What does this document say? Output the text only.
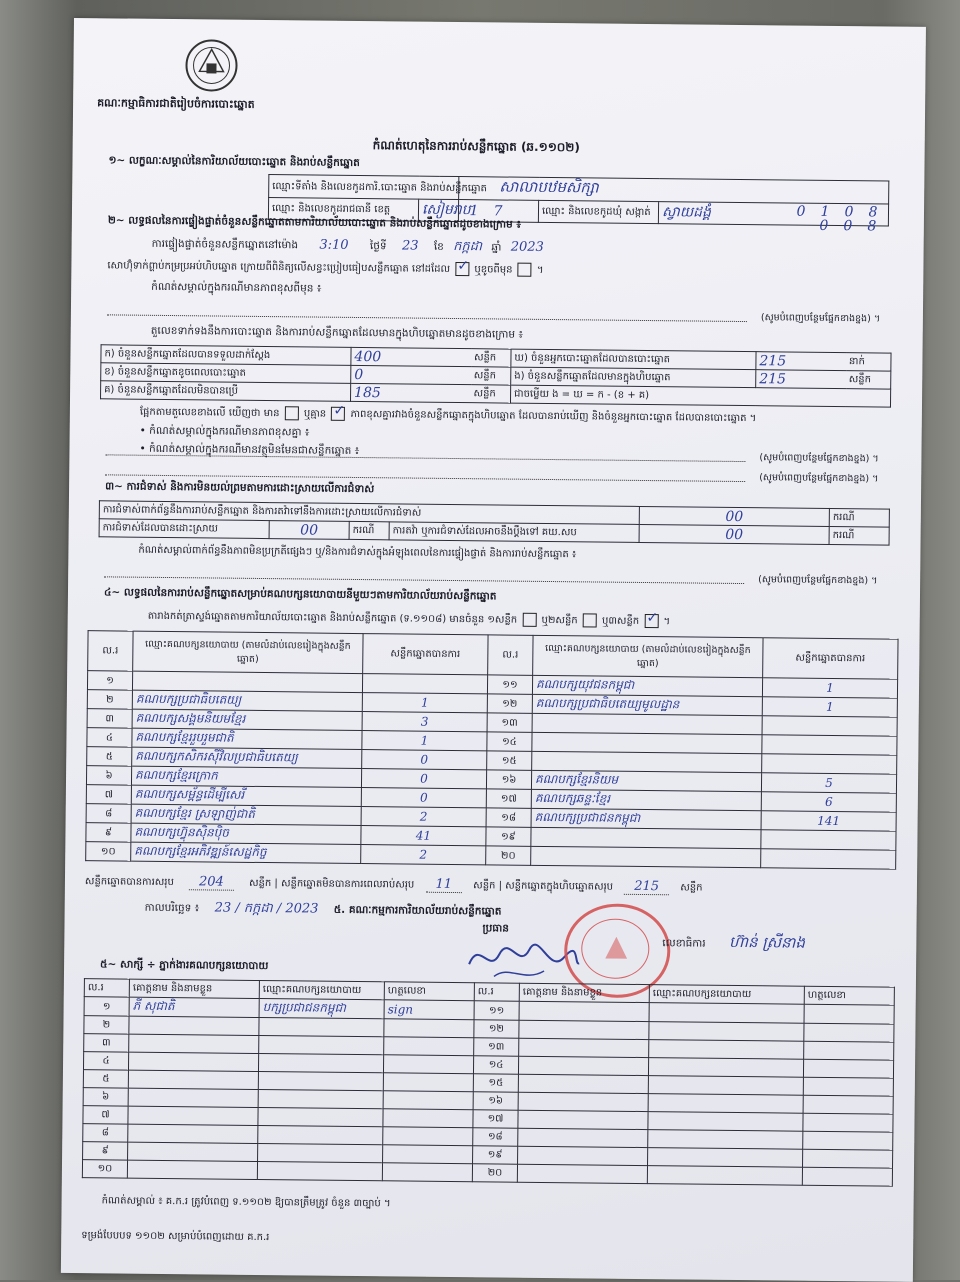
គណៈកម្មាធិការជាតិរៀបចំការបោះឆ្នោត
កំណត់ហេតុនៃការរាប់សន្លឹកឆ្នោត (ឆ.១១០២)
១~ លក្ខណៈសម្គាល់នៃការិយាល័យបោះឆ្នោត និងរាប់សន្លឹកឆ្នោត
ឈ្មោះទីតាំង និងលេខកូដការិ.បោះឆ្នោត និងរាប់សន្លឹកឆ្នោត		សាលាបឋមសិក្សា		
ឈ្មោះ និងលេខកូដរាជធានី ខេត្ត	សៀមរាប	1 7	ឈ្មោះ និងលេខកូដឃុំ សង្កាត់	ស្វាយដង្គំ 0 1 0 8
0 0 8
២~ លទ្ធផលនៃការផ្ទៀងផ្ទាត់ចំនួនសន្លឹកឆ្នោតតាមការិយាល័យបោះឆ្នោត និងរាប់សន្លឹកឆ្នោតដូចខាងក្រោម ៖
ការផ្ទៀងផ្ទាត់ចំនួនសន្លឹកឆ្នោតនៅម៉ោង 3:10 ថ្ងៃទី 23 ខែ កក្កដា ឆ្នាំ 2023
សោហ៊ុំទាក់ព្ហាប់កម្រប្រអប់ហិបឆ្នោត ក្រោយពីពិនិត្យលើសន្ធះប្រៀបធៀបសន្លឹកឆ្នោត នៅដដែល ✓ ឬខូចពីមុន  ។
កំណត់សម្គាល់ក្នុងករណីមានភាពខុសពីមុន ៖
(សូមបំពេញបន្ថែមផ្នែកខាងខ្នង) ។
តួលេខទាក់ទងនឹងការបោះឆ្នោត និងការរាប់សន្លឹកឆ្នោតដែលមានក្នុងហិបឆ្នោតមានដូចខាងក្រោម ៖
ក) ចំនួនសន្លឹកឆ្នោតដែលបានទទួលដាក់ស្តែង	400	សន្លឹក	ឃ) ចំនួនអ្នកបោះឆ្នោតដែលបានបោះឆ្នោត	215	នាក់
ខ) ចំនួនសន្លឹកឆ្នោតខូចពេលបោះឆ្នោត	0	សន្លឹក	ង) ចំនួនសន្លឹកឆ្នោតដែលមានក្នុងហិបឆ្នោត	215	សន្លឹក
គ) ចំនួនសន្លឹកឆ្នោតដែលមិនបានប្រើ	185	សន្លឹក	ជាចម្លើយ ង = ឃ = ក - (ខ + គ)		
ផ្អែកតាមតួលេខខាងលើ យើញថា មាន ឬគ្មាន ✓ ភាពខុសគ្នារវាងចំនួនសន្លឹកឆ្នោតក្នុងហិបឆ្នោត ដែលបានរាប់ឃើញ និងចំនួនអ្នកបោះឆ្នោត ដែលបានបោះឆ្នោត ។
• កំណត់សម្គាល់ក្នុងករណីមានភាពខុសគ្នា ៖
(សូមបំពេញបន្ថែមផ្នែកខាងខ្នង) ។
• កំណត់សម្គាល់ក្នុងករណីមានវត្ថុមិនមែនជាសន្លឹកឆ្នោត ៖
(សូមបំពេញបន្ថែមផ្នែកខាងខ្នង) ។
៣~ ការជំទាស់ និងការមិនយល់ព្រមតាមការដោះស្រាយលើការជំទាស់
ការជំទាស់ពាក់ព័ន្ធនឹងការរាប់សន្លឹកឆ្នោត និងការតវ៉ាទៅនឹងការដោះស្រាយលើការជំទាស់				00	ករណី
ការជំទាស់ដែលបានដោះស្រាយ	00	ករណី	ការតវ៉ា ឬការជំទាស់ដែលអាចនឹងប្តឹងទៅ គឃ.សប	00	ករណី
កំណត់សម្គាល់ពាក់ព័ន្ធនឹងភាពមិនប្រក្រតីផ្សេងៗ ឬ/និងការជំទាស់ក្នុងអំឡុងពេលនៃការផ្ទៀងផ្ទាត់ និងការរាប់សន្លឹកឆ្នោត ៖
(សូមបំពេញបន្ថែមផ្នែកខាងខ្នង) ។
៤~ លទ្ធផលនៃការរាប់សន្លឹកឆ្នោតសម្រាប់គណបក្សនយោបាយនីមួយៗតាមការិយាល័យរាប់សន្លឹកឆ្នោត
តារាងកត់ត្រាស្ទង់ឆ្នោតតាមការិយាល័យបោះឆ្នោត និងរាប់សន្លឹកឆ្នោត (ទ.១១០៨) មានចំនួន ១សន្លឹក ឬ២សន្លឹក ឬ៣សន្លឹក ✓ ។
ល.រ	ឈ្មោះគណបក្សនយោបាយ (តាមលំដាប់លេខរៀងក្នុងសន្លឹកឆ្នោត)	សន្លឹកឆ្នោតបានការ	ល.រ	ឈ្មោះគណបក្សនយោបាយ (តាមលំដាប់លេខរៀងក្នុងសន្លឹកឆ្នោត)	សន្លឹកឆ្នោតបានការ
១			១១	គណបក្សយុវជនកម្ពុជា	1
២	គណបក្សប្រជាធិបតេយ្យ	1	១២	គណបក្សប្រជាធិបតេយ្យមូលដ្ឋាន	1
៣	គណបក្សសង្គមនិយមខ្មែរ	3	១៣		
៤	គណបក្សខ្មែររួបរួមជាតិ	1	១៤		
៥	គណបក្សកសិករស៊ីវិលប្រជាធិបតេយ្យ	0	១៥		
៦	គណបក្សខ្មែរក្រោក	0	១៦	គណបក្សខ្មែរនិយម	5
៧	គណបក្សសម្ព័ន្ធដើម្បីសេរី	0	១៧	គណបក្សឆន្ទៈខ្មែរ	6
៨	គណបក្សខ្មែរ ស្រឡាញ់ជាតិ	2	១៨	គណបក្សប្រជាជនកម្ពុជា	141
៩	គណបក្សហ៊្វុនស៊ិនប៉ិច	41	១៩		
១០	គណបក្សខ្មែរអភិវឌ្ឍន៍សេដ្ឋកិច្ច	2	២០		
សន្លឹកឆ្នោតបានការសរុប 204	សន្លឹក | សន្លឹកឆ្នោតមិនបានការពេលរាប់សរុប 11 សន្លឹក | សន្លឹកឆ្នោតក្នុងហិបឆ្នោតសរុប 215 សន្លឹក
កាលបរិច្ឆេទ ៖ 23 / កក្កដា / 2023 ៥. គណៈកម្មការការិយាល័យរាប់សន្លឹកឆ្នោត
ប្រធាន
លេខាធិការ ហ៊ាន់ ស្រីនាង
៥~ សាក្សី ÷ ភ្នាក់ងារគណបក្សនយោបាយ
ល.រ	គោត្តនាម និងនាមខ្លួន	ឈ្មោះគណបក្សនយោបាយ	ហត្ថលេខា	ល.រ	គោត្តនាម និងនាមខ្លួន	ឈ្មោះគណបក្សនយោបាយ	ហត្ថលេខា
១	ភី សុជាតិ	បក្សប្រជាជនកម្ពុជា	sign	១១			
២				១២			
៣				១៣			
៤				១៤			
៥				១៥			
៦				១៦			
៧				១៧			
៨				១៨			
៩				១៩			
១០				២០			
កំណត់សម្គាល់ ៖ គ.ក.រ ត្រូវបំពេញ ទ.១១០២ ឱ្យបានត្រឹមត្រូវ ចំនួន ៣ច្បាប់ ។
ទម្រង់បែបបទ ១១០២ សម្រាប់បំពេញដោយ គ.ក.រ
